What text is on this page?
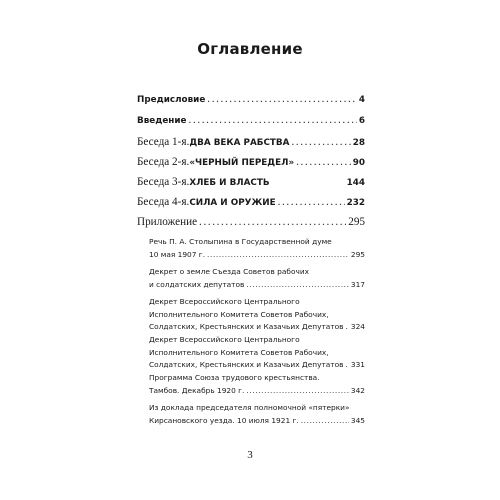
Оглавление
Предисловие .....	4
Введение .....	6
Беседа 1-я. ДВА ВЕКА РАБСТВА .....	28
Беседа 2-я. «ЧЕРНЫЙ ПЕРЕДЕЛ» .....	90
Беседа 3-я. ХЛЕБ И ВЛАСТЬ	144
Беседа 4-я. СИЛА И ОРУЖИЕ .....	232
Приложение .....	295
Речь П. А. Столыпина в Государственной думе
10 мая 1907 г. .....	295
Декрет о земле Съезда Советов рабочих
и солдатских депутатов .....	317
Декрет Всероссийского Центрального
Исполнительного Комитета Советов Рабочих,
Солдатских, Крестьянских и Казачьих Депутатов ..... 324
Декрет Всероссийского Центрального
Исполнительного Комитета Советов Рабочих,
Солдатских, Крестьянских и Казачьих Депутатов ..... 331
Программа Союза трудового крестьянства.
Тамбов. Декабрь 1920 г. .....	342
Из доклада председателя полномочной «пятерки»
Кирсановского уезда. 10 июля 1921 г. .....	345
3
